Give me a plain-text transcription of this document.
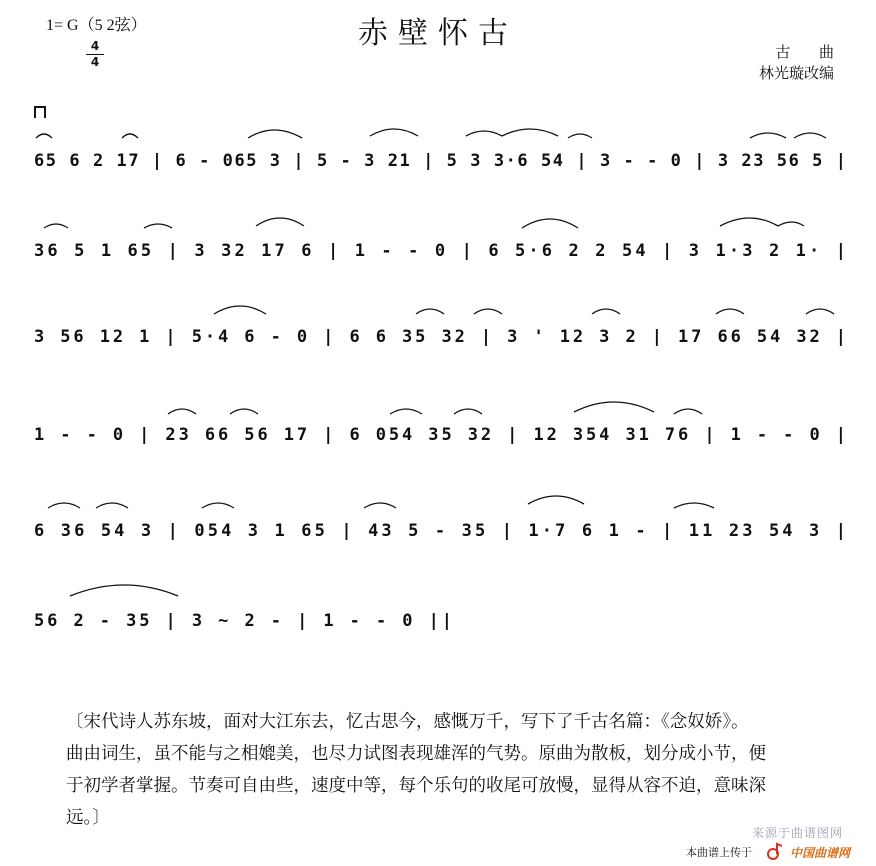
1= G（5 2弦）
4
4
赤壁怀古
古      曲
林光璇改编
65 6 2 17 | 6 - 065 3 | 5 - 3 21 | 5 3 3·6 54 | 3 - - 0 | 3 23 56 5 |
36 5 1 65 | 3 32 17 6 | 1 - - 0 | 6 5·6 2 2 54 | 3 1·3 2 1· |
3 56 12 1 | 5·4 6 - 0 | 6 6 35 32 | 3 ' 12 3 2 | 17 66 54 32 |
1 - - 0 | 23 66 56 17 | 6 054 35 32 | 12 354 31 76 | 1 - - 0 |
6 36 54 3 | 054 3 1 65 | 43 5 - 35 | 1·7 6 1 - | 11 23 54 3 |
56 2 - 35 | 3 ~ 2 - | 1 - - 0 ||

〔宋代诗人苏东坡，面对大江东去，忆古思今，感慨万千，写下了千古名篇：《念奴娇》。

曲由词生，虽不能与之相媲美，也尽力试图表现雄浑的气势。原曲为散板，划分成小节，便

于初学者掌握。节奏可自由些，速度中等，每个乐句的收尾可放慢，显得从容不迫，意味深

远。〕

来源于曲谱图网
本曲谱上传于	中国曲谱网
